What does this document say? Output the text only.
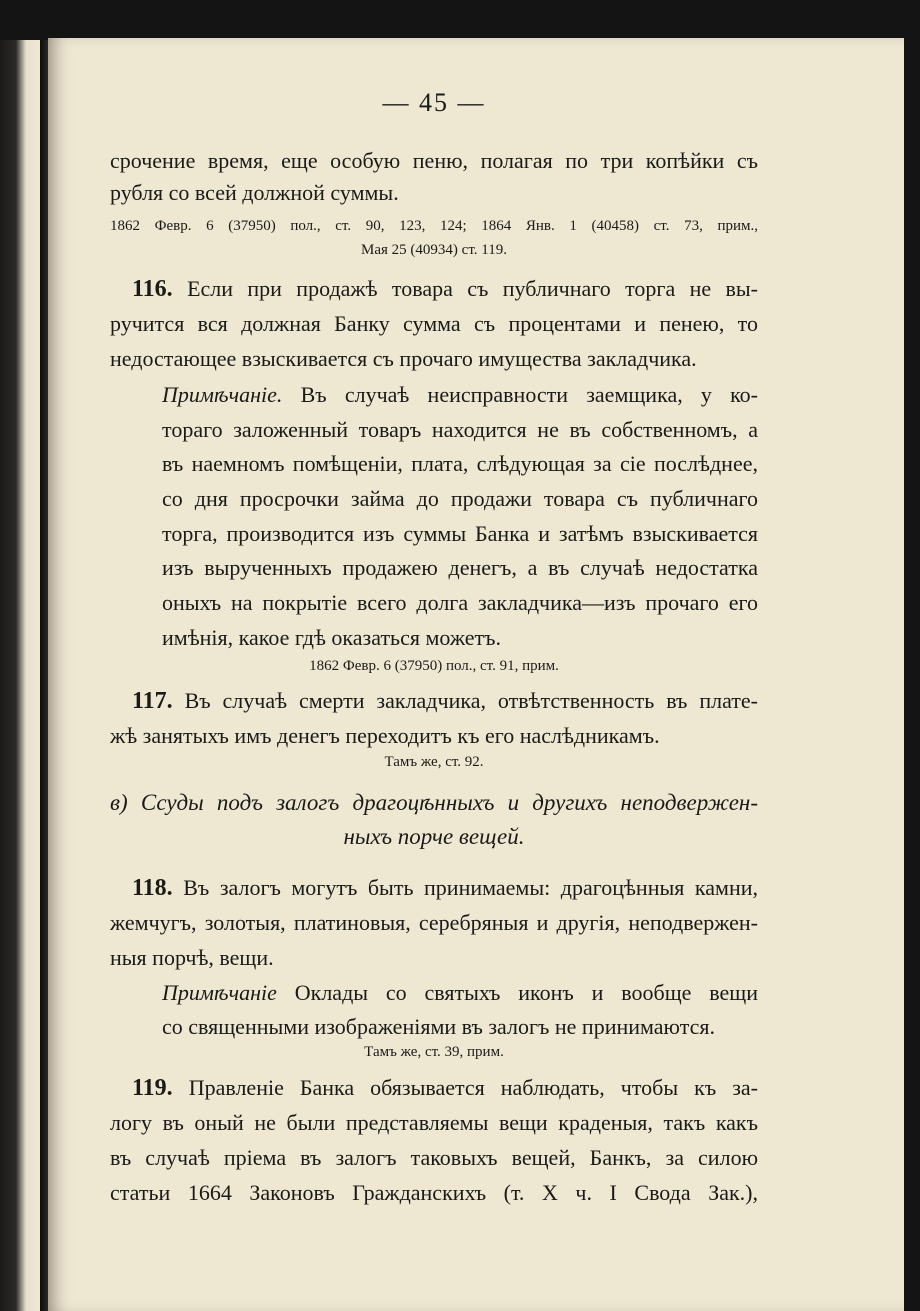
— 45 —
срочение время, еще особую пеню, полагая по три копѣйки съ
рубля со всей должной суммы.
1862 Февр. 6 (37950) пол., ст. 90, 123, 124; 1864 Янв. 1 (40458) ст. 73, прим.,
Мая 25 (40934) ст. 119.
116. Если при продажѣ товара съ публичнаго торга не вы-
ручится вся должная Банку сумма съ процентами и пенею, то
недостающее взыскивается съ прочаго имущества закладчика.
Примѣчаніе. Въ случаѣ неисправности заемщика, у ко-
тораго заложенный товаръ находится не въ собственномъ, а
въ наемномъ помѣщеніи, плата, слѣдующая за сіе послѣднее,
со дня просрочки займа до продажи товара съ публичнаго
торга, производится изъ суммы Банка и затѣмъ взыскивается
изъ вырученныхъ продажею денегъ, а въ случаѣ недостатка
оныхъ на покрытіе всего долга закладчика—изъ прочаго его
имѣнія, какое гдѣ оказаться можетъ.
1862 Февр. 6 (37950) пол., ст. 91, прим.
117. Въ случаѣ смерти закладчика, отвѣтственность въ плате-
жѣ занятыхъ имъ денегъ переходитъ къ его наслѣдникамъ.
Тамъ же, ст. 92.
в) Ссуды подъ залогъ драгоцѣнныхъ и другихъ неподвержен-
ныхъ порче вещей.
118. Въ залогъ могутъ быть принимаемы: драгоцѣнныя камни,
жемчугъ, золотыя, платиновыя, серебряныя и другія, неподвержен-
ныя порчѣ, вещи.
Примѣчаніе Оклады со святыхъ иконъ и вообще вещи
со священными изображеніями въ залогъ не принимаются.
Тамъ же, ст. 39, прим.
119. Правленіе Банка обязывается наблюдать, чтобы къ за-
логу въ оный не были представляемы вещи краденыя, такъ какъ
въ случаѣ пріема въ залогъ таковыхъ вещей, Банкъ, за силою
статьи 1664 Законовъ Гражданскихъ (т. X ч. I Свода Зак.),
